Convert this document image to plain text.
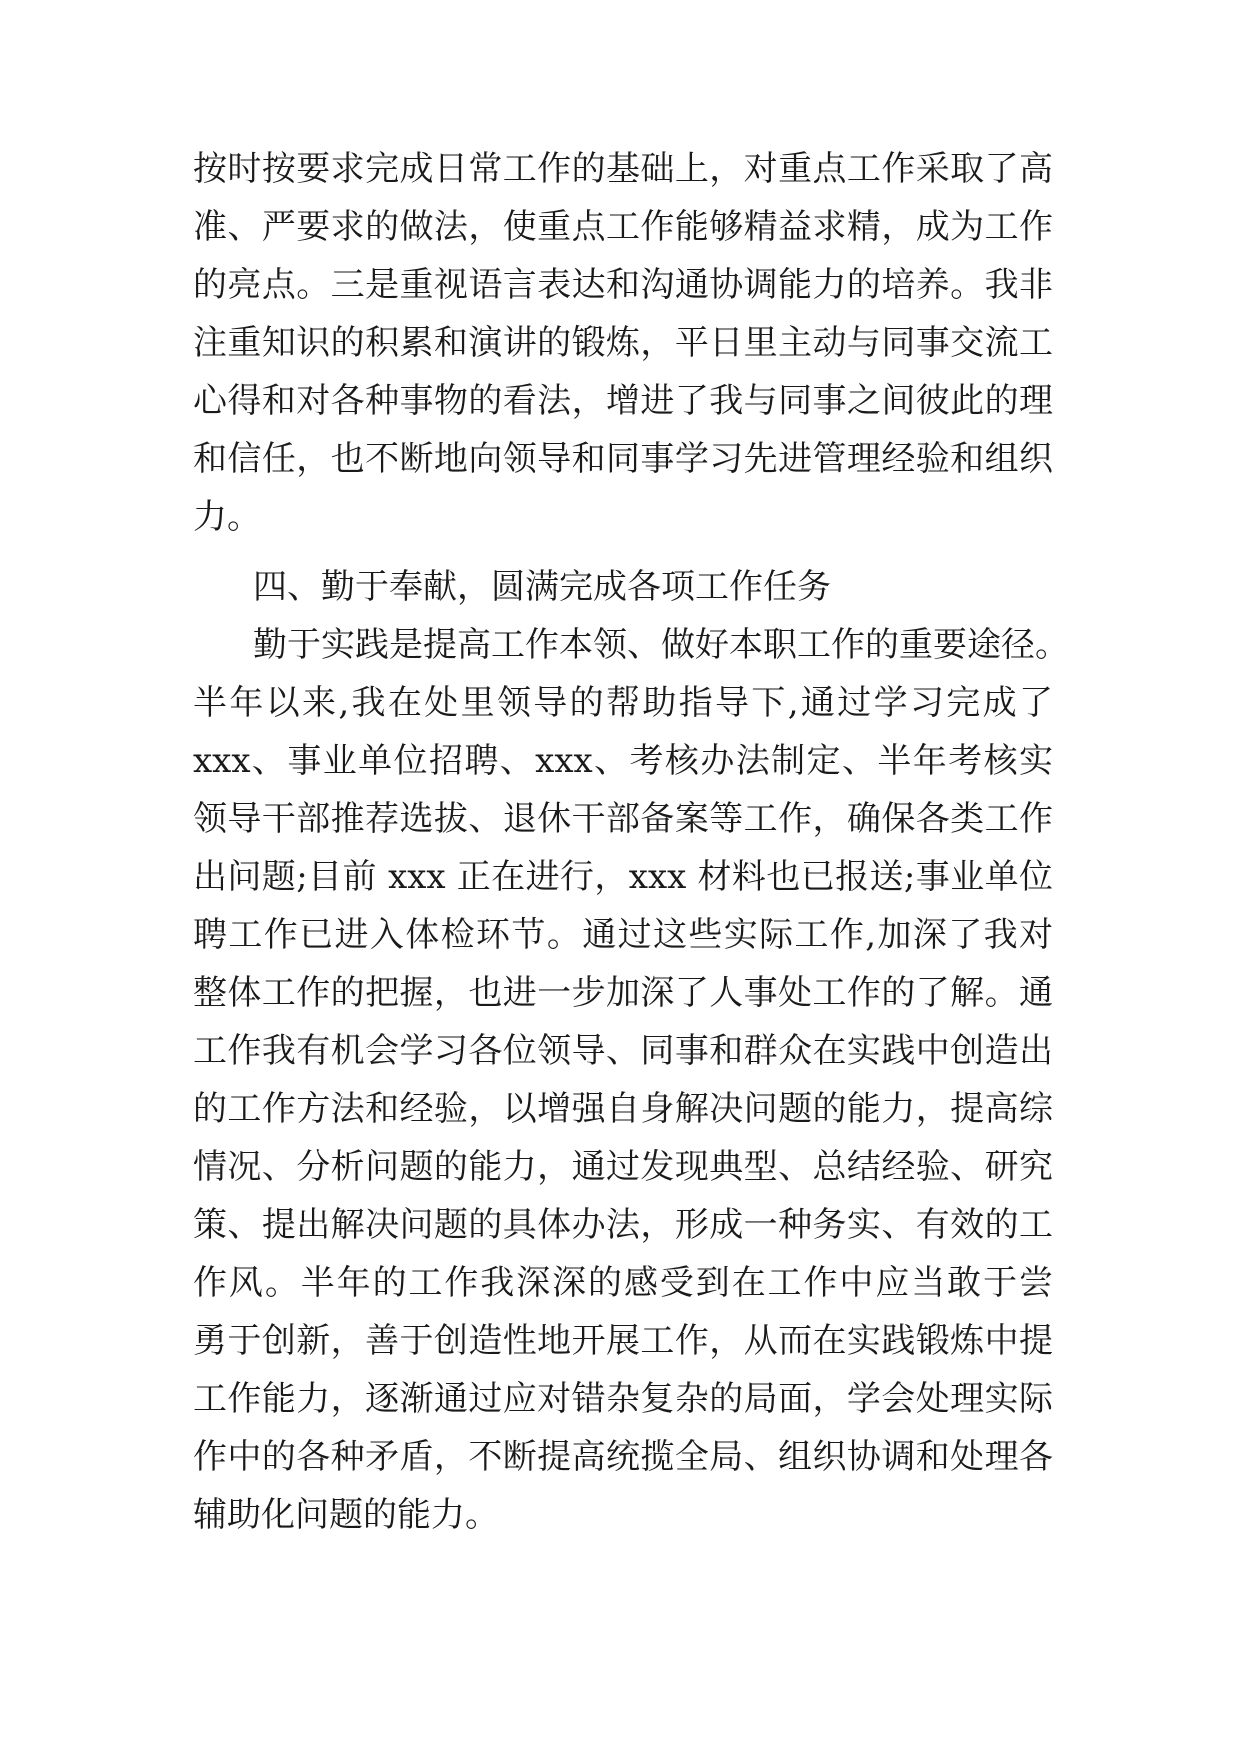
按时按要求完成日常工作的基础上，对重点工作采取了高
准、严要求的做法，使重点工作能够精益求精，成为工作
的亮点。三是重视语言表达和沟通协调能力的培养。我非
注重知识的积累和演讲的锻炼，平日里主动与同事交流工
心得和对各种事物的看法，增进了我与同事之间彼此的理
和信任，也不断地向领导和同事学习先进管理经验和组织
力。
四、勤于奉献，圆满完成各项工作任务
勤于实践是提高工作本领、做好本职工作的重要途径。
半年以来,我在处里领导的帮助指导下,通过学习完成了
xxx、事业单位招聘、xxx、考核办法制定、半年考核实
领导干部推荐选拔、退休干部备案等工作，确保各类工作
出问题;目前 xxx 正在进行，xxx 材料也已报送;事业单位
聘工作已进入体检环节。通过这些实际工作,加深了我对
整体工作的把握，也进一步加深了人事处工作的了解。通
工作我有机会学习各位领导、同事和群众在实践中创造出
的工作方法和经验，以增强自身解决问题的能力，提高综
情况、分析问题的能力，通过发现典型、总结经验、研究
策、提出解决问题的具体办法，形成一种务实、有效的工
作风。半年的工作我深深的感受到在工作中应当敢于尝
勇于创新，善于创造性地开展工作，从而在实践锻炼中提
工作能力，逐渐通过应对错杂复杂的局面，学会处理实际
作中的各种矛盾，不断提高统揽全局、组织协调和处理各
辅助化问题的能力。
